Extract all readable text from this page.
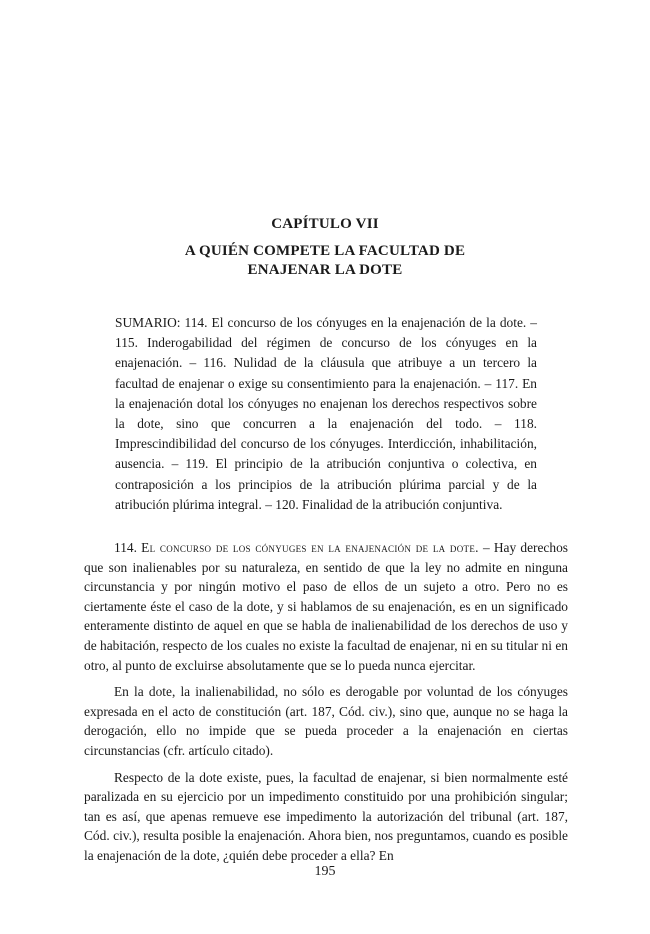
CAPÍTULO VII
A QUIÉN COMPETE LA FACULTAD DE
ENAJENAR LA DOTE
SUMARIO: 114. El concurso de los cónyuges en la enajenación de la dote. – 115. Inderogabilidad del régimen de concurso de los cónyuges en la enajenación. – 116. Nulidad de la cláusula que atribuye a un tercero la facultad de enajenar o exige su consentimiento para la enajenación. – 117. En la enajenación dotal los cónyuges no enajenan los derechos respectivos sobre la dote, sino que concurren a la enajenación del todo. – 118. Imprescindibilidad del concurso de los cónyuges. Interdicción, inhabilitación, ausencia. – 119. El principio de la atribución conjuntiva o colectiva, en contraposición a los principios de la atribución plúrima parcial y de la atribución plúrima integral. – 120. Finalidad de la atribución conjuntiva.

114. El concurso de los cónyuges en la enajenación de la dote. – Hay derechos que son inalienables por su naturaleza, en sentido de que la ley no admite en ninguna circunstancia y por ningún motivo el paso de ellos de un sujeto a otro. Pero no es ciertamente éste el caso de la dote, y si hablamos de su enajenación, es en un significado enteramente distinto de aquel en que se habla de inalienabilidad de los derechos de uso y de habitación, respecto de los cuales no existe la facultad de enajenar, ni en su titular ni en otro, al punto de excluirse absolutamente que se lo pueda nunca ejercitar.

En la dote, la inalienabilidad, no sólo es derogable por voluntad de los cónyuges expresada en el acto de constitución (art. 187, Cód. civ.), sino que, aunque no se haga la derogación, ello no impide que se pueda proceder a la enajenación en ciertas circunstancias (cfr. artículo citado).

Respecto de la dote existe, pues, la facultad de enajenar, si bien normalmente esté paralizada en su ejercicio por un impedimento constituido por una prohibición singular; tan es así, que apenas remueve ese impedimento la autorización del tribunal (art. 187, Cód. civ.), resulta posible la enajenación. Ahora bien, nos preguntamos, cuando es posible la enajenación de la dote, ¿quién debe proceder a ella? En

195
